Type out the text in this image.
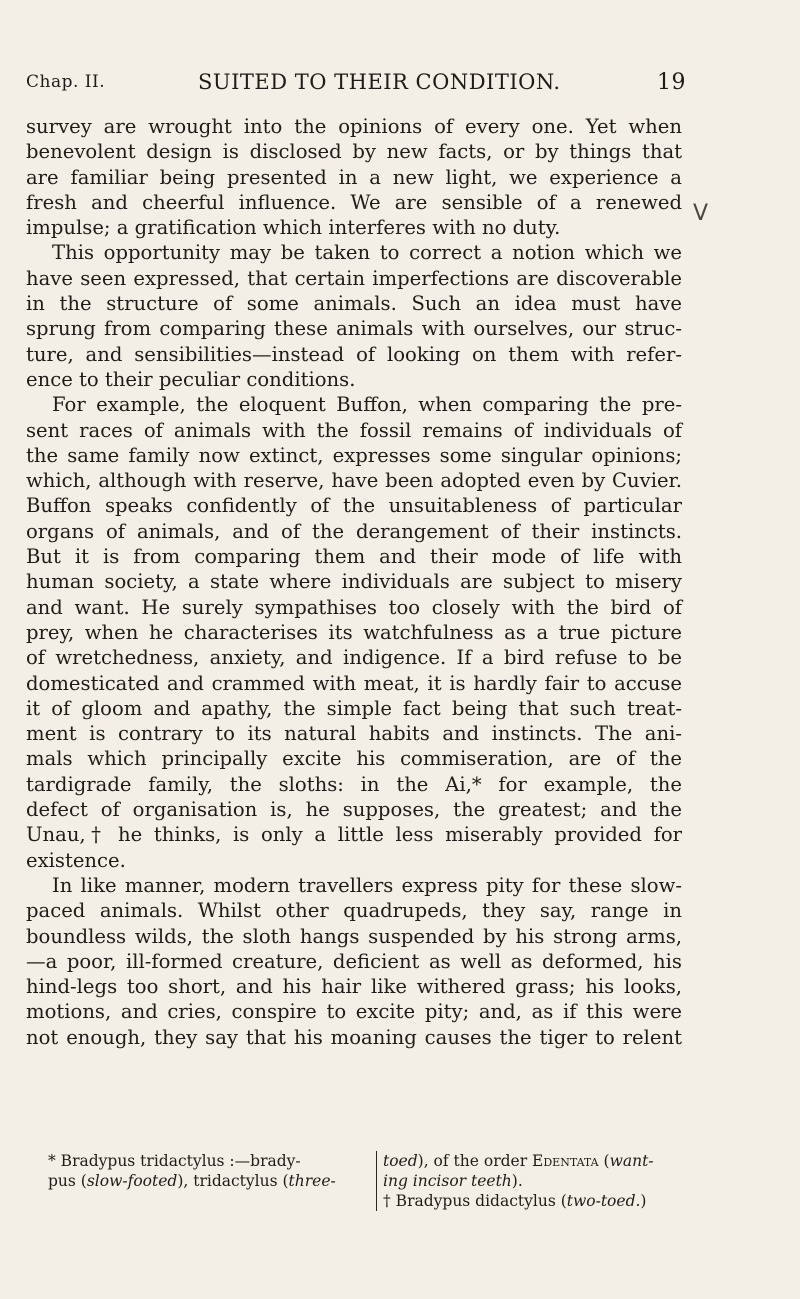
Chap. II.	SUITED TO THEIR CONDITION.	19
V
survey are wrought into the opinions of every one. Yet when
benevolent design is disclosed by new facts, or by things that
are familiar being presented in a new light, we experience a
fresh and cheerful influence. We are sensible of a renewed
impulse; a gratification which interferes with no duty.
This opportunity may be taken to correct a notion which we
have seen expressed, that certain imperfections are discoverable
in the structure of some animals. Such an idea must have
sprung from comparing these animals with ourselves, our struc-
ture, and sensibilities—instead of looking on them with refer-
ence to their peculiar conditions.
For example, the eloquent Buffon, when comparing the pre-
sent races of animals with the fossil remains of individuals of
the same family now extinct, expresses some singular opinions;
which, although with reserve, have been adopted even by Cuvier.
Buffon speaks confidently of the unsuitableness of particular
organs of animals, and of the derangement of their instincts.
But it is from comparing them and their mode of life with
human society, a state where individuals are subject to misery
and want. He surely sympathises too closely with the bird of
prey, when he characterises its watchfulness as a true picture
of wretchedness, anxiety, and indigence. If a bird refuse to be
domesticated and crammed with meat, it is hardly fair to accuse
it of gloom and apathy, the simple fact being that such treat-
ment is contrary to its natural habits and instincts. The ani-
mals which principally excite his commiseration, are of the
tardigrade family, the sloths: in the Ai,* for example, the
defect of organisation is, he supposes, the greatest; and the
Unau,† he thinks, is only a little less miserably provided for
existence.
In like manner, modern travellers express pity for these slow-
paced animals. Whilst other quadrupeds, they say, range in
boundless wilds, the sloth hangs suspended by his strong arms,
—a poor, ill-formed creature, deficient as well as deformed, his
hind-legs too short, and his hair like withered grass; his looks,
motions, and cries, conspire to excite pity; and, as if this were
not enough, they say that his moaning causes the tiger to relent
* Bradypus tridactylus :—brady-
pus (slow-footed), tridactylus (three-
toed), of the order Edentata (want-
ing incisor teeth).
† Bradypus didactylus (two-toed.)
